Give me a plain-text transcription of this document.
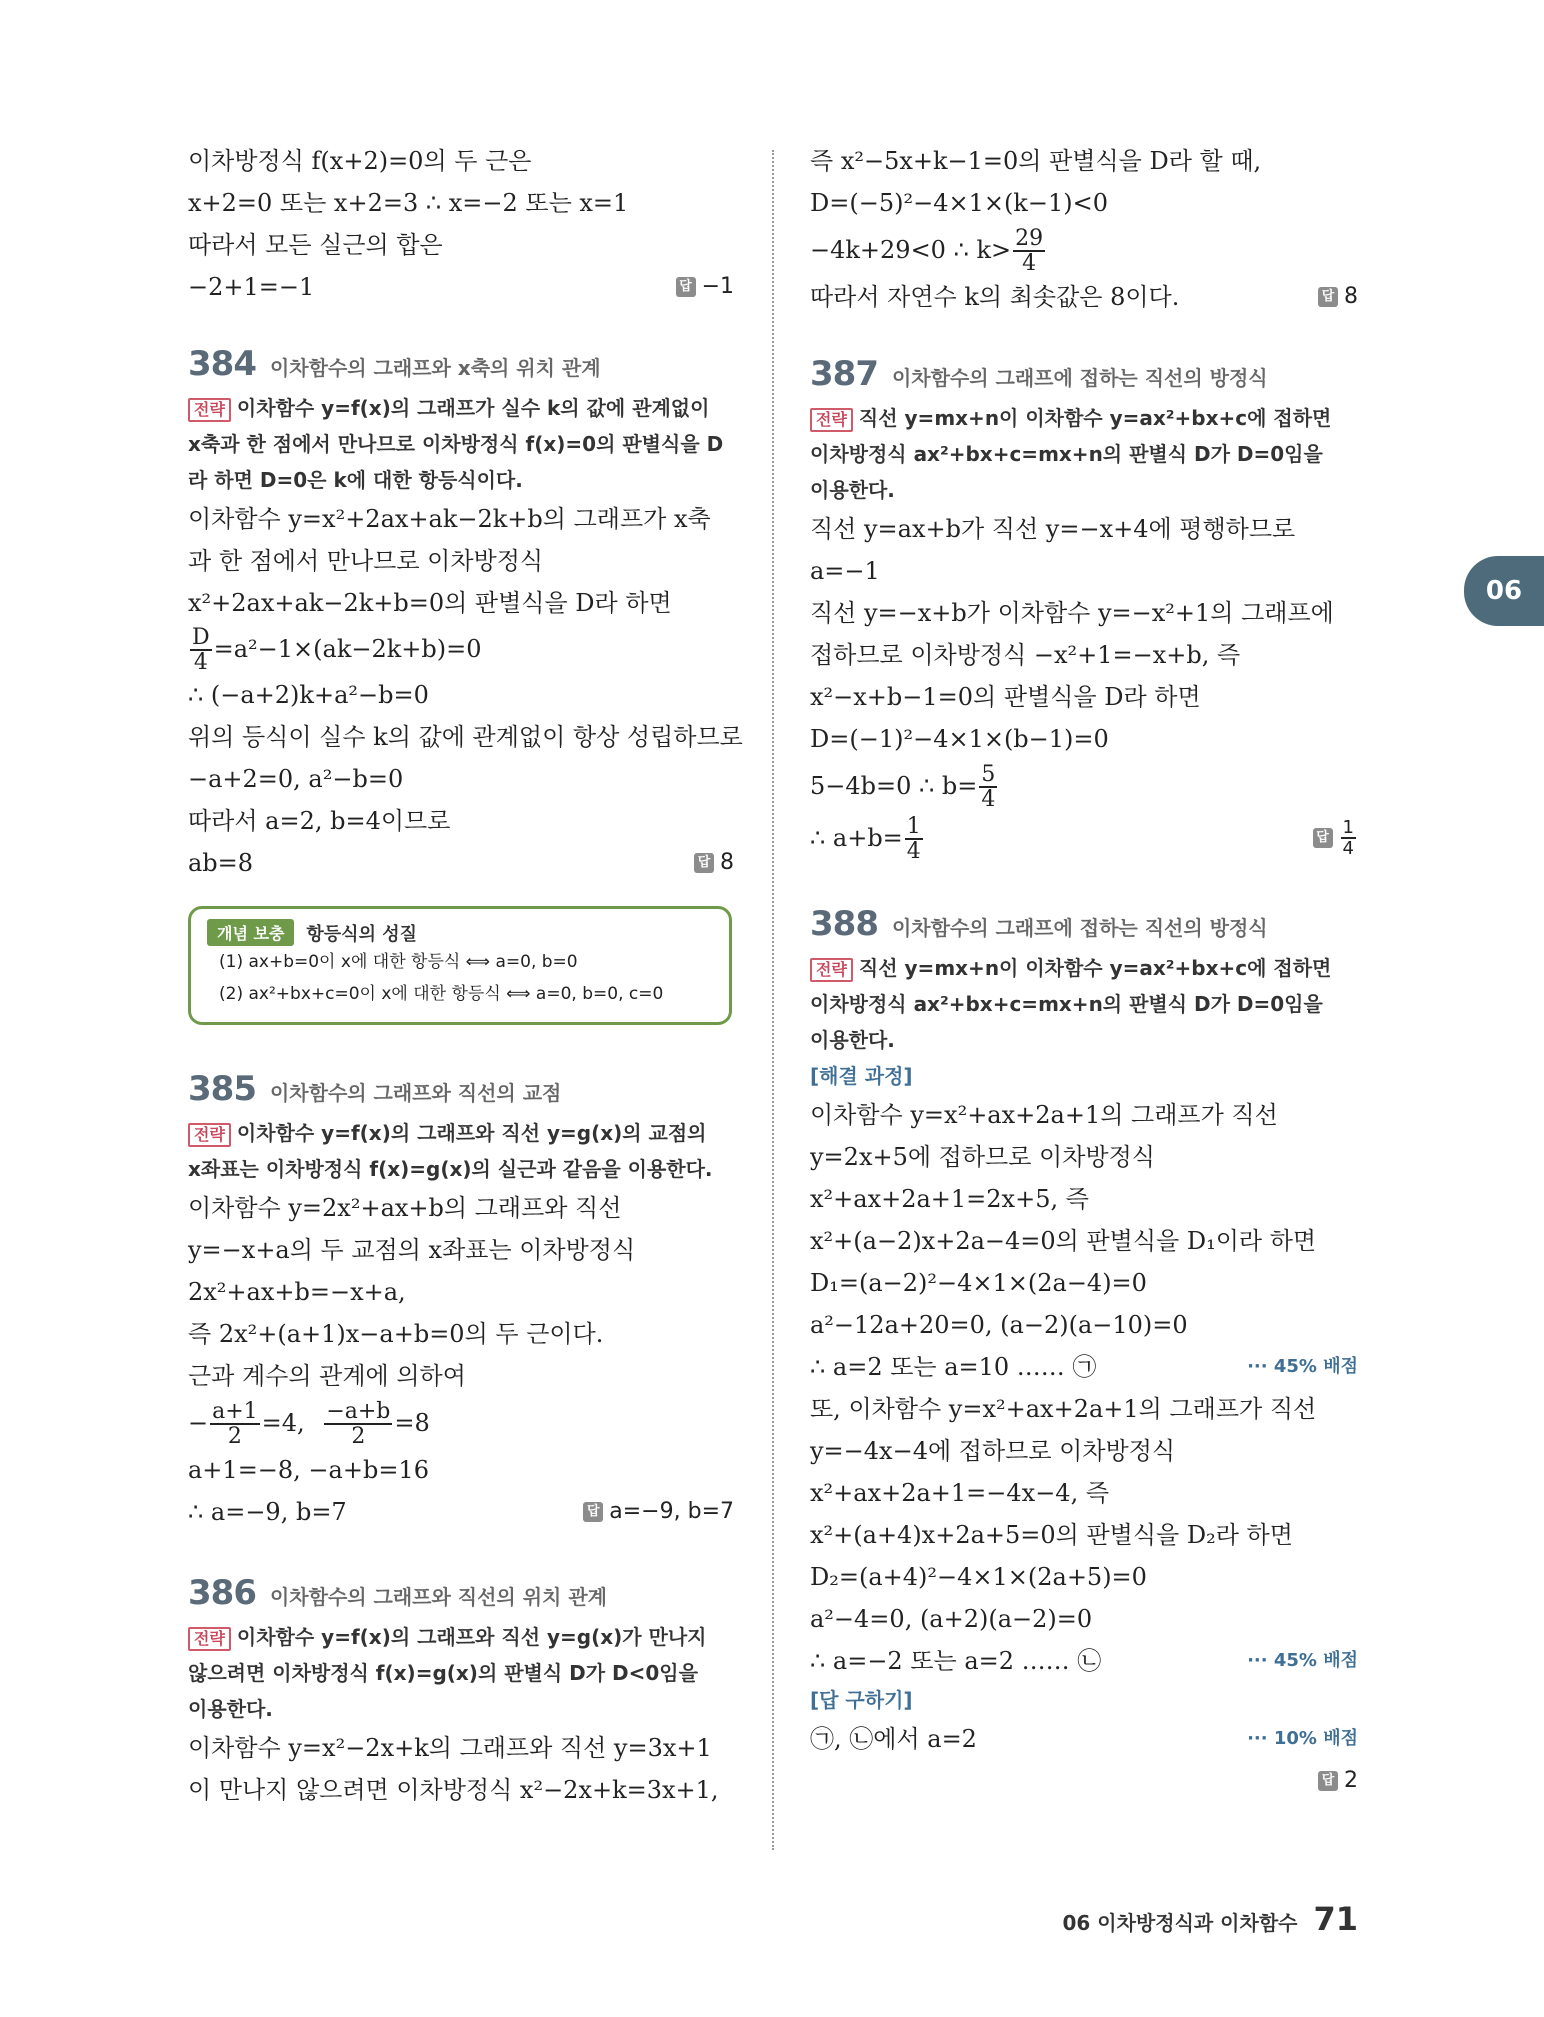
이차방정식 f(x+2)=0의 두 근은
x+2=0 또는 x+2=3 ∴ x=−2 또는 x=1
따라서 모든 실근의 합은
−2+1=−1	답 −1
384 이차함수의 그래프와 x축의 위치 관계
전략 이차함수 y=f(x)의 그래프가 실수 k의 값에 관계없이
x축과 한 점에서 만나므로 이차방정식 f(x)=0의 판별식을 D
라 하면 D=0은 k에 대한 항등식이다.
이차함수 y=x²+2ax+ak−2k+b의 그래프가 x축
과 한 점에서 만나므로 이차방정식
x²+2ax+ak−2k+b=0의 판별식을 D라 하면
$\frac{D}{4} =a^2-1\times(ak-2k+b)=0$
∴ (−a+2)k+a²−b=0
위의 등식이 실수 k의 값에 관계없이 항상 성립하므로
−a+2=0, a²−b=0
따라서 a=2, b=4이므로
ab=8	답 8
개념 보충	항등식의 성질
(1) ax+b=0이 x에 대한 항등식 ⟺ a=0, b=0
(2) ax²+bx+c=0이 x에 대한 항등식 ⟺ a=0, b=0, c=0
385 이차함수의 그래프와 직선의 교점
전략 이차함수 y=f(x)의 그래프와 직선 y=g(x)의 교점의
x좌표는 이차방정식 f(x)=g(x)의 실근과 같음을 이용한다.
이차함수 y=2x²+ax+b의 그래프와 직선
y=−x+a의 두 교점의 x좌표는 이차방정식
2x²+ax+b=−x+a,
즉 2x²+(a+1)x−a+b=0의 두 근이다.
근과 계수의 관계에 의하여
− $\frac{a+1}{2} =4$, $\frac{-a+b}{2} =8$
a+1=−8, −a+b=16
∴ a=−9, b=7	답 a=−9, b=7
386 이차함수의 그래프와 직선의 위치 관계
전략 이차함수 y=f(x)의 그래프와 직선 y=g(x)가 만나지
않으려면 이차방정식 f(x)=g(x)의 판별식 D가 D<0임을
이용한다.
이차함수 y=x²−2x+k의 그래프와 직선 y=3x+1
이 만나지 않으려면 이차방정식 x²−2x+k=3x+1,
즉 x²−5x+k−1=0의 판별식을 D라 할 때,
D=(−5)²−4×1×(k−1)<0
−4k+29<0 ∴ $k> \frac{29}{4}$
따라서 자연수 k의 최솟값은 8이다.	답 8
387 이차함수의 그래프에 접하는 직선의 방정식
전략 직선 y=mx+n이 이차함수 y=ax²+bx+c에 접하면
이차방정식 ax²+bx+c=mx+n의 판별식 D가 D=0임을
이용한다.
직선 y=ax+b가 직선 y=−x+4에 평행하므로
a=−1
직선 y=−x+b가 이차함수 y=−x²+1의 그래프에
접하므로 이차방정식 −x²+1=−x+b, 즉
x²−x+b−1=0의 판별식을 D라 하면
D=(−1)²−4×1×(b−1)=0
5−4b=0 ∴ $b= \frac{5}{4}$
∴ $a+b= \frac{1}{4}$	답 $\frac{1}{4}$
388 이차함수의 그래프에 접하는 직선의 방정식
전략 직선 y=mx+n이 이차함수 y=ax²+bx+c에 접하면
이차방정식 ax²+bx+c=mx+n의 판별식 D가 D=0임을
이용한다.
[해결 과정]
이차함수 y=x²+ax+2a+1의 그래프가 직선
y=2x+5에 접하므로 이차방정식
x²+ax+2a+1=2x+5, 즉
x²+(a−2)x+2a−4=0의 판별식을 D₁이라 하면
D₁=(a−2)²−4×1×(2a−4)=0
a²−12a+20=0, (a−2)(a−10)=0
∴ a=2 또는 a=10 …… ㉠	··· 45% 배점
또, 이차함수 y=x²+ax+2a+1의 그래프가 직선
y=−4x−4에 접하므로 이차방정식
x²+ax+2a+1=−4x−4, 즉
x²+(a+4)x+2a+5=0의 판별식을 D₂라 하면
D₂=(a+4)²−4×1×(2a+5)=0
a²−4=0, (a+2)(a−2)=0
∴ a=−2 또는 a=2 …… ㉡	··· 45% 배점
[답 구하기]
㉠, ㉡에서 a=2	··· 10% 배점
답 2
06
06 이차방정식과 이차함수 71
